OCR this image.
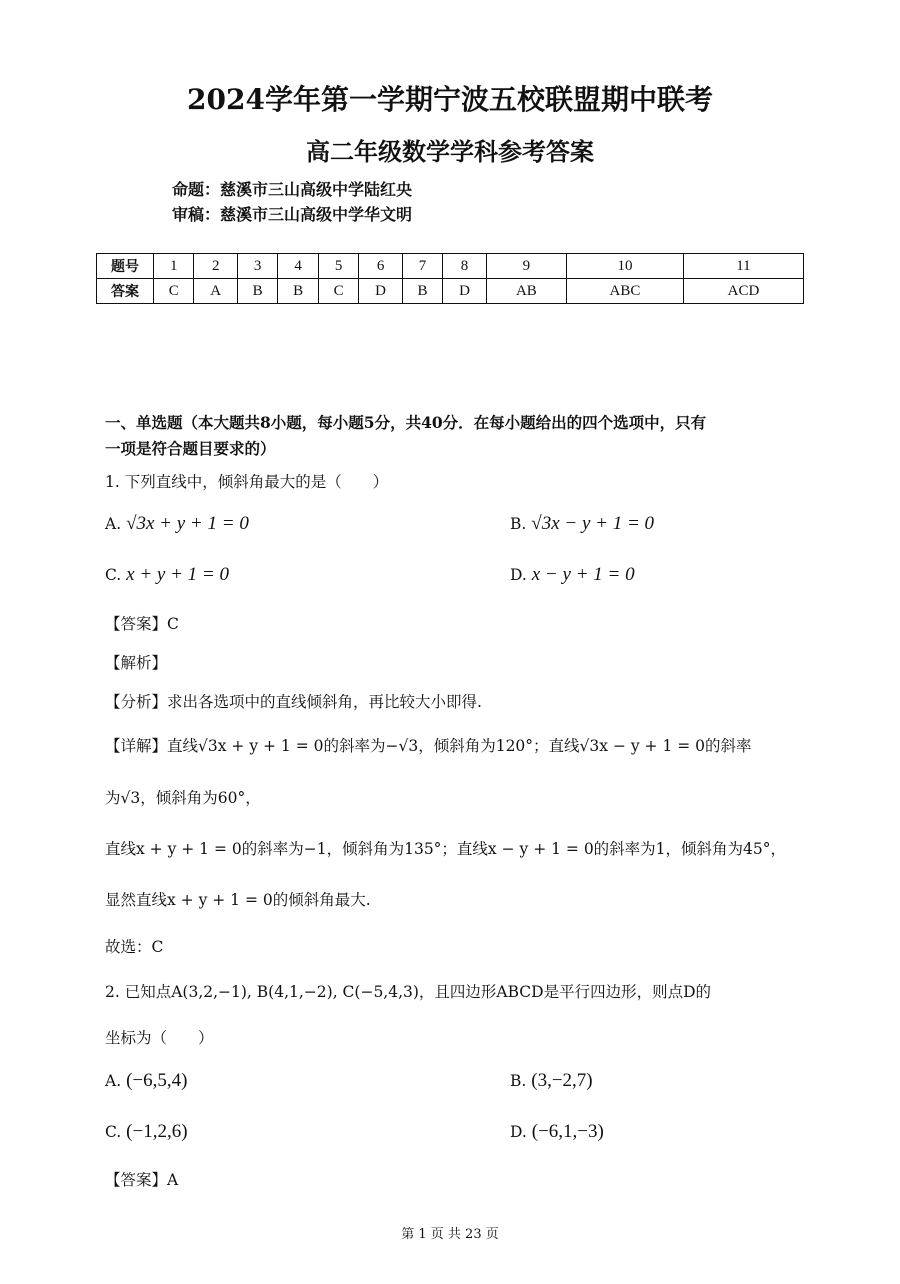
2024学年第一学期宁波五校联盟期中联考
高二年级数学学科参考答案
命题：慈溪市三山高级中学陆红央
审稿：慈溪市三山高级中学华文明
题号	1	2	3	4	5	6	7	8	9	10	11
答案	C	A	B	B	C	D	B	D	AB	ABC	ACD
一、单选题（本大题共8小题，每小题5分，共40分．在每小题给出的四个选项中，只有
一项是符合题目要求的）
1. 下列直线中，倾斜角最大的是（　　）
A. √3x + y + 1 = 0	B. √3x − y + 1 = 0
C. x + y + 1 = 0	D. x − y + 1 = 0
【答案】C
【解析】
【分析】求出各选项中的直线倾斜角，再比较大小即得.
【详解】直线√3x + y + 1 = 0的斜率为−√3，倾斜角为120°；直线√3x − y + 1 = 0的斜率
为√3，倾斜角为60°，
直线x + y + 1 = 0的斜率为−1，倾斜角为135°；直线x − y + 1 = 0的斜率为1，倾斜角为45°，
显然直线x + y + 1 = 0的倾斜角最大.
故选：C
2. 已知点A(3,2,−1), B(4,1,−2), C(−5,4,3)，且四边形ABCD是平行四边形，则点D的
坐标为（　　）
A. (−6,5,4)	B. (3,−2,7)
C. (−1,2,6)	D. (−6,1,−3)
【答案】A
第 1 页 共 23 页
